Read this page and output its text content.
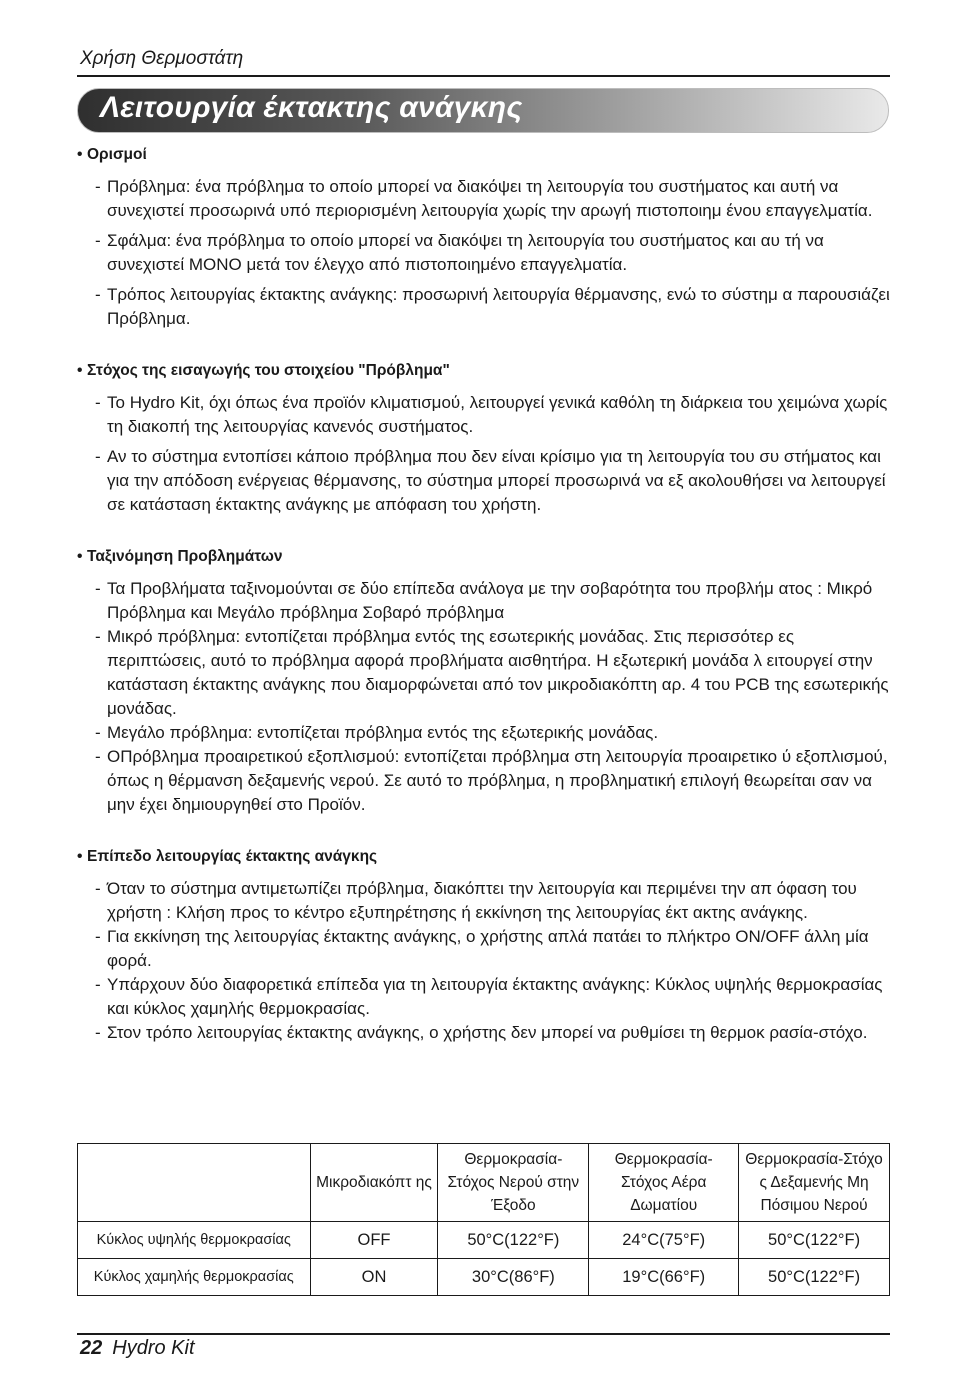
Χρήση Θερμοστάτη
Λειτουργία έκτακτης ανάγκης
• Ορισμοί
- Πρόβλημα: ένα πρόβλημα το οποίο μπορεί να διακόψει τη λειτουργία του συστήματος και αυτή να συνεχιστεί προσωρινά υπό περιορισμένη λειτουργία χωρίς την αρωγή πιστοποιημ ένου επαγγελματία.
- Σφάλμα: ένα πρόβλημα το οποίο μπορεί να διακόψει τη λειτουργία του συστήματος και αυ τή να συνεχιστεί ΜΟΝΟ μετά τον έλεγχο από πιστοποιημένο επαγγελματία.
- Τρόπος λειτουργίας έκτακτης ανάγκης: προσωρινή λειτουργία θέρμανσης, ενώ το σύστημ α παρουσιάζει Πρόβλημα.
• Στόχος της εισαγωγής του στοιχείου "Πρόβλημα"
- Το Hydro Kit, όχι όπως ένα προϊόν κλιματισμού, λειτουργεί γενικά καθόλη τη διάρκεια του χειμώνα χωρίς τη διακοπή της λειτουργίας κανενός συστήματος.
- Αν το σύστημα εντοπίσει κάποιο πρόβλημα που δεν είναι κρίσιμο για τη λειτουργία του συ στήματος και για την απόδοση ενέργειας θέρμανσης, το σύστημα μπορεί προσωρινά να εξ ακολουθήσει να λειτουργεί σε κατάσταση έκτακτης ανάγκης με απόφαση του χρήστη.
• Ταξινόμηση Προβλημάτων
- Τα Προβλήματα ταξινομούνται σε δύο επίπεδα ανάλογα με την σοβαρότητα του προβλήμ ατος : Μικρό Πρόβλημα και Μεγάλο πρόβλημα Σοβαρό πρόβλημα
- Μικρό πρόβλημα: εντοπίζεται πρόβλημα εντός της εσωτερικής μονάδας. Στις περισσότερ ες περιπτώσεις, αυτό το πρόβλημα αφορά προβλήματα αισθητήρα. Η εξωτερική μονάδα λ ειτουργεί στην κατάσταση έκτακτης ανάγκης που διαμορφώνεται από τον μικροδιακόπτη αρ. 4 του PCB της εσωτερικής μονάδας.
- Μεγάλο πρόβλημα: εντοπίζεται πρόβλημα εντός της εξωτερικής μονάδας.
- ΟΠρόβλημα προαιρετικού εξοπλισμού: εντοπίζεται πρόβλημα στη λειτουργία προαιρετικο ύ εξοπλισμού, όπως η θέρμανση δεξαμενής νερού. Σε αυτό το πρόβλημα, η προβληματική επιλογή θεωρείται σαν να μην έχει δημιουργηθεί στο Προϊόν.
• Επίπεδο λειτουργίας έκτακτης ανάγκης
- Όταν το σύστημα αντιμετωπίζει πρόβλημα, διακόπτει την λειτουργία και περιμένει την απ όφαση του χρήστη : Κλήση προς το κέντρο εξυπηρέτησης ή εκκίνηση της λειτουργίας έκτ ακτης ανάγκης.
- Για εκκίνηση της λειτουργίας έκτακτης ανάγκης, ο χρήστης απλά πατάει το πλήκτρο ON/OFF άλλη μία φορά.
- Υπάρχουν δύο διαφορετικά επίπεδα για τη λειτουργία έκτακτης ανάγκης: Κύκλος υψηλής θερμοκρασίας και κύκλος χαμηλής θερμοκρασίας.
- Στον τρόπο λειτουργίας έκτακτης ανάγκης, ο χρήστης δεν μπορεί να ρυθμίσει τη θερμοκ ρασία-στόχο.
	Μικροδιακόπτ ης	Θερμοκρασία-Στόχος Νερού στην Έξοδο	Θερμοκρασία-Στόχος Αέρα Δωματίου	Θερμοκρασία-Στόχο ς Δεξαμενής Μη Πόσιμου Νερού
Κύκλος υψηλής θερμοκρασίας	OFF	50°C(122°F)	24°C(75°F)	50°C(122°F)
Κύκλος χαμηλής θερμοκρασίας	ON	30°C(86°F)	19°C(66°F)	50°C(122°F)
22 Hydro Kit
